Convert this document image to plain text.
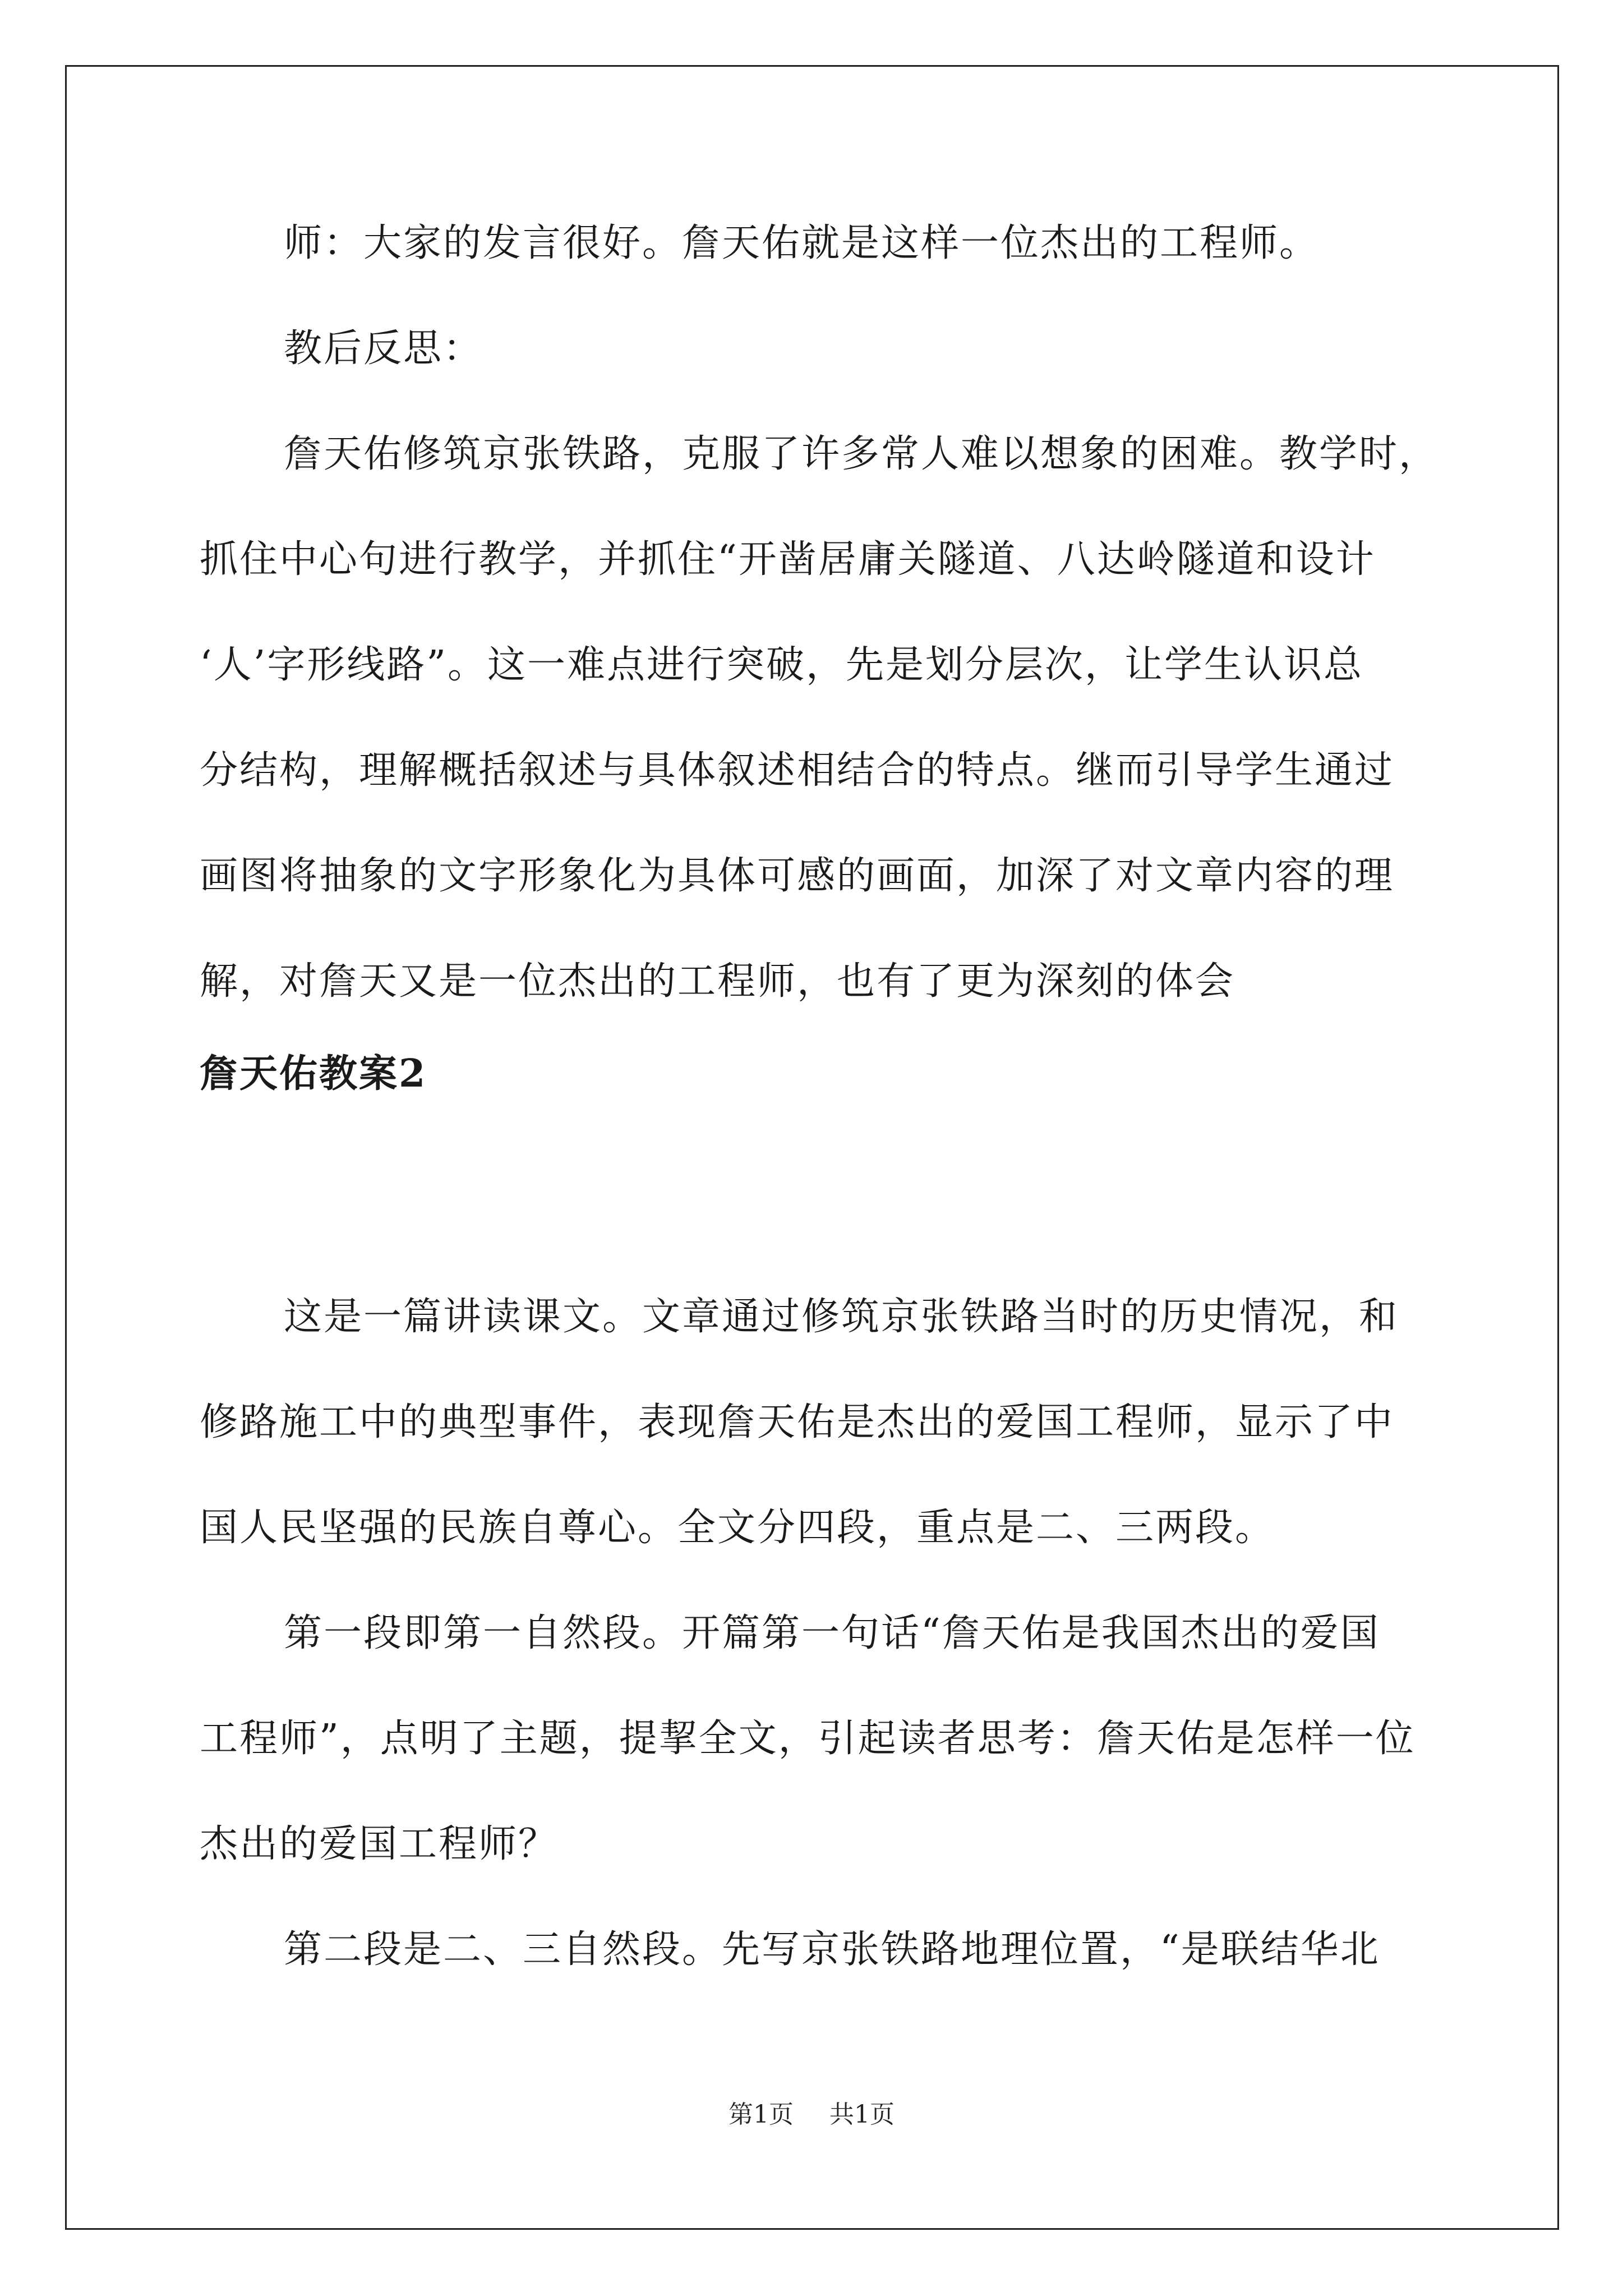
师：大家的发言很好。詹天佑就是这样一位杰出的工程师。

教后反思：

詹天佑修筑京张铁路，克服了许多常人难以想象的困难。教学时，

抓住中心句进行教学，并抓住“开凿居庸关隧道、八达岭隧道和设计

‘人’字形线路”。这一难点进行突破，先是划分层次，让学生认识总

分结构，理解概括叙述与具体叙述相结合的特点。继而引导学生通过

画图将抽象的文字形象化为具体可感的画面，加深了对文章内容的理

解，对詹天又是一位杰出的工程师，也有了更为深刻的体会

詹天佑教案2

这是一篇讲读课文。文章通过修筑京张铁路当时的历史情况，和

修路施工中的典型事件，表现詹天佑是杰出的爱国工程师，显示了中

国人民坚强的民族自尊心。全文分四段，重点是二、三两段。

第一段即第一自然段。开篇第一句话“詹天佑是我国杰出的爱国

工程师”，点明了主题，提挈全文，引起读者思考：詹天佑是怎样一位

杰出的爱国工程师？

第二段是二、三自然段。先写京张铁路地理位置，“是联结华北

第1页 共1页
